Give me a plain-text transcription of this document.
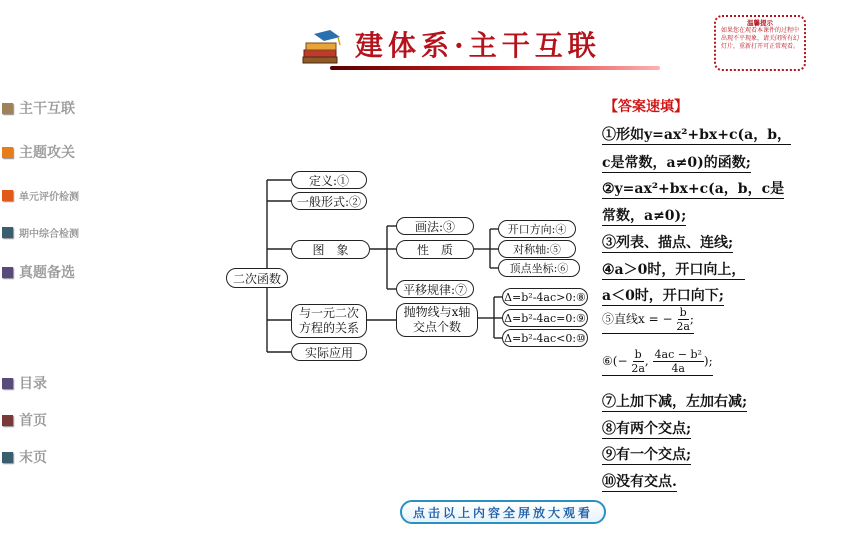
建体系·主干互联
温馨提示
如果您在观看本课件的过程中出现不平现象，请关闭所有幻灯片，重新打开可正常观看。
主干互联
主题攻关
单元评价检测
期中综合检测
真题备选
目录
首页
末页
二次函数
定义:①
一般形式:②
图　象
画法:③
性　质
开口方向:④
对称轴:⑤
顶点坐标:⑥
平移规律:⑦
与一元二次
方程的关系
抛物线与x轴
交点个数
Δ=b²-4ac>0:⑧
Δ=b²-4ac=0:⑨
Δ=b²-4ac<0:⑩
实际应用
【答案速填】
①形如y=ax²+bx+c(a，b，
c是常数，a≠0)的函数;
②y=ax²+bx+c(a，b，c是
常数，a≠0);
③列表、描点、连线;
④a＞0时，开口向上，
a＜0时，开口向下;
⑤直线x = − $\frac{b}{2a}$ ;
⑥(− $\frac{b}{2a}$ , $\frac{\text{4ac − b²}}{4a}$ );
⑦上加下减，左加右减;
⑧有两个交点;
⑨有一个交点;
⑩没有交点.
点击以上内容全屏放大观看
